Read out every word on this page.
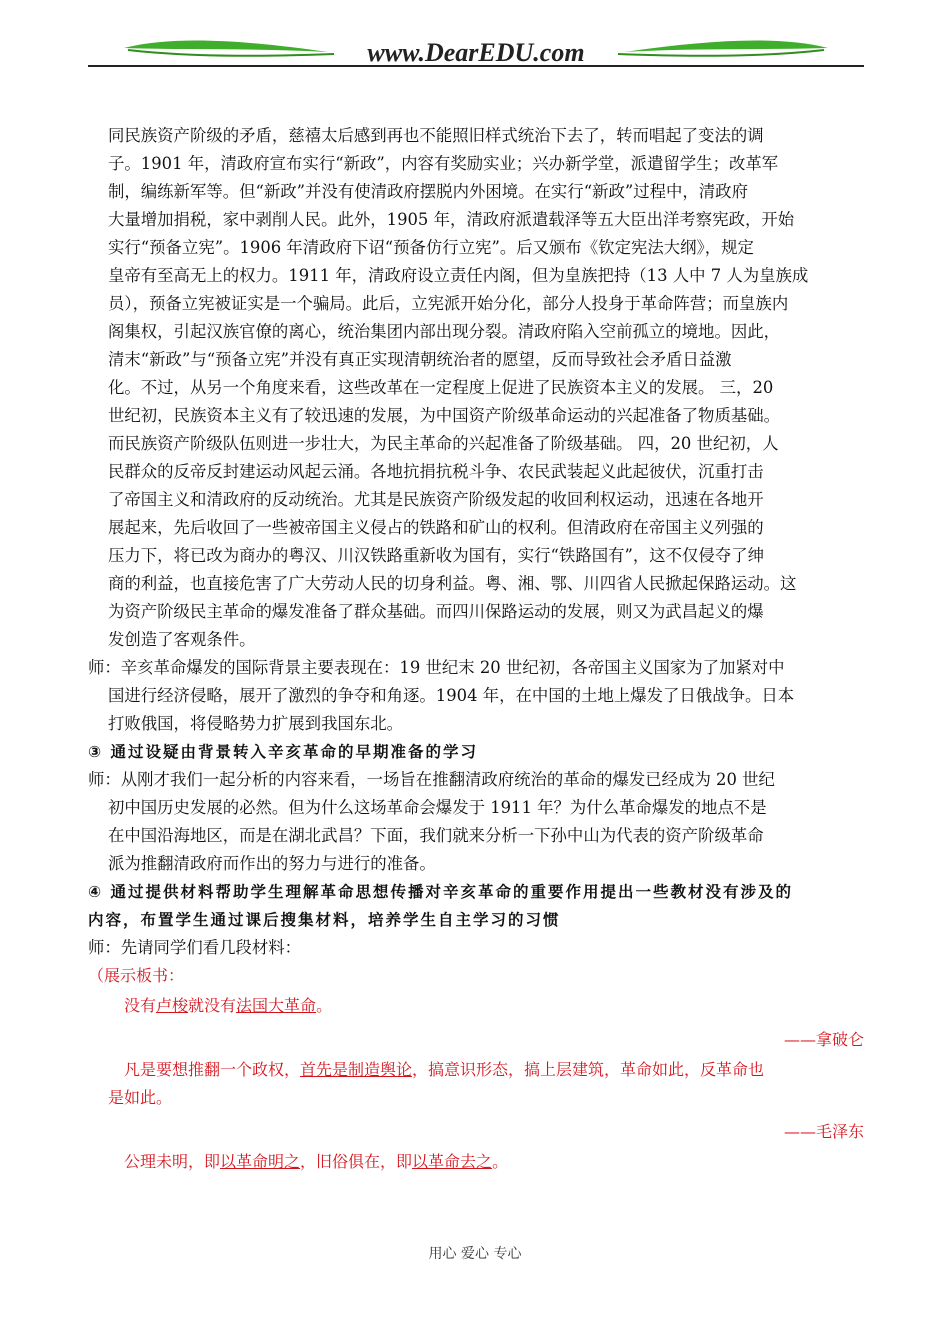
www.DearEDU.com
同民族资产阶级的矛盾，慈禧太后感到再也不能照旧样式统治下去了，转而唱起了变法的调
子。1901 年，清政府宣布实行“新政”，内容有奖励实业；兴办新学堂，派遣留学生；改革军
制，编练新军等。但“新政”并没有使清政府摆脱内外困境。在实行“新政”过程中，清政府
大量增加捐税，家中剥削人民。此外，1905 年，清政府派遣载泽等五大臣出洋考察宪政，开始
实行“预备立宪”。1906 年清政府下诏“预备仿行立宪”。后又颁布《钦定宪法大纲》，规定
皇帝有至高无上的权力。1911 年，清政府设立责任内阁，但为皇族把持（13 人中 7 人为皇族成
员），预备立宪被证实是一个骗局。此后，立宪派开始分化，部分人投身于革命阵营；而皇族内
阁集权，引起汉族官僚的离心，统治集团内部出现分裂。清政府陷入空前孤立的境地。因此，
清末“新政”与“预备立宪”并没有真正实现清朝统治者的愿望，反而导致社会矛盾日益激
化。不过，从另一个角度来看，这些改革在一定程度上促进了民族资本主义的发展。 三，20
世纪初，民族资本主义有了较迅速的发展，为中国资产阶级革命运动的兴起准备了物质基础。
而民族资产阶级队伍则进一步壮大，为民主革命的兴起准备了阶级基础。 四，20 世纪初，人
民群众的反帝反封建运动风起云涌。各地抗捐抗税斗争、农民武装起义此起彼伏，沉重打击
了帝国主义和清政府的反动统治。尤其是民族资产阶级发起的收回利权运动，迅速在各地开
展起来，先后收回了一些被帝国主义侵占的铁路和矿山的权利。但清政府在帝国主义列强的
压力下，将已改为商办的粤汉、川汉铁路重新收为国有，实行“铁路国有”，这不仅侵夺了绅
商的利益，也直接危害了广大劳动人民的切身利益。粤、湘、鄂、川四省人民掀起保路运动。这
为资产阶级民主革命的爆发准备了群众基础。而四川保路运动的发展，则又为武昌起义的爆
发创造了客观条件。
师：辛亥革命爆发的国际背景主要表现在：19 世纪末 20 世纪初，各帝国主义国家为了加紧对中
国进行经济侵略，展开了激烈的争夺和角逐。1904 年，在中国的土地上爆发了日俄战争。日本
打败俄国，将侵略势力扩展到我国东北。
③ 通过设疑由背景转入辛亥革命的早期准备的学习
师：从刚才我们一起分析的内容来看，一场旨在推翻清政府统治的革命的爆发已经成为 20 世纪
初中国历史发展的必然。但为什么这场革命会爆发于 1911 年？为什么革命爆发的地点不是
在中国沿海地区，而是在湖北武昌？下面，我们就来分析一下孙中山为代表的资产阶级革命
派为推翻清政府而作出的努力与进行的准备。
④ 通过提供材料帮助学生理解革命思想传播对辛亥革命的重要作用提出一些教材没有涉及的
内容，布置学生通过课后搜集材料，培养学生自主学习的习惯
师：先请同学们看几段材料：
（展示板书：
没有卢梭就没有法国大革命。
——拿破仑
凡是要想推翻一个政权，首先是制造舆论，搞意识形态，搞上层建筑，革命如此，反革命也
是如此。
——毛泽东
公理未明，即以革命明之，旧俗俱在，即以革命去之。
用心 爱心 专心
